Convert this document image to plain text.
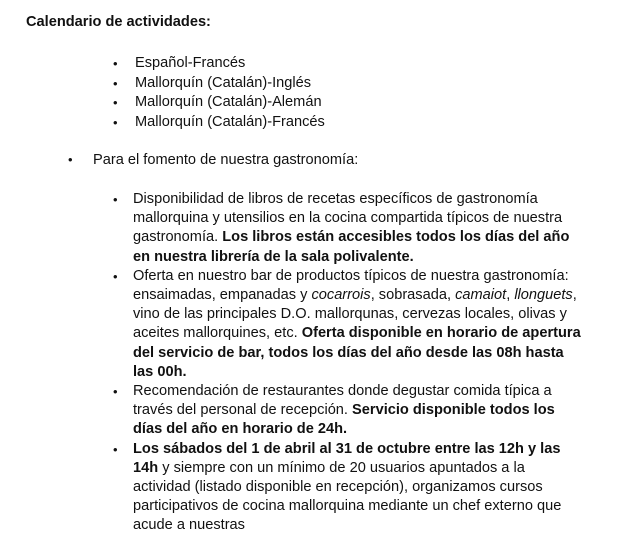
Calendario de actividades:
• Español-Francés
• Mallorquín (Catalán)-Inglés
• Mallorquín (Catalán)-Alemán
• Mallorquín (Catalán)-Francés
• Para el fomento de nuestra gastronomía:
• Disponibilidad de libros de recetas específicos de gastronomía mallorquina y utensilios en la cocina compartida típicos de nuestra gastronomía. Los libros están accesibles todos los días del año en nuestra librería de la sala polivalente.
• Oferta en nuestro bar de productos típicos de nuestra gastronomía: ensaimadas, empanadas y cocarrois, sobrasada, camaiot, llonguets, vino de las principales D.O. mallorqunas, cervezas locales, olivas y aceites mallorquines, etc. Oferta disponible en horario de apertura del servicio de bar, todos los días del año desde las 08h hasta las 00h.
• Recomendación de restaurantes donde degustar comida típica a través del personal de recepción. Servicio disponible todos los días del año en horario de 24h.
• Los sábados del 1 de abril al 31 de octubre entre las 12h y las 14h y siempre con un mínimo de 20 usuarios apuntados a la actividad (listado disponible en recepción), organizamos cursos participativos de cocina mallorquina mediante un chef externo que acude a nuestras
